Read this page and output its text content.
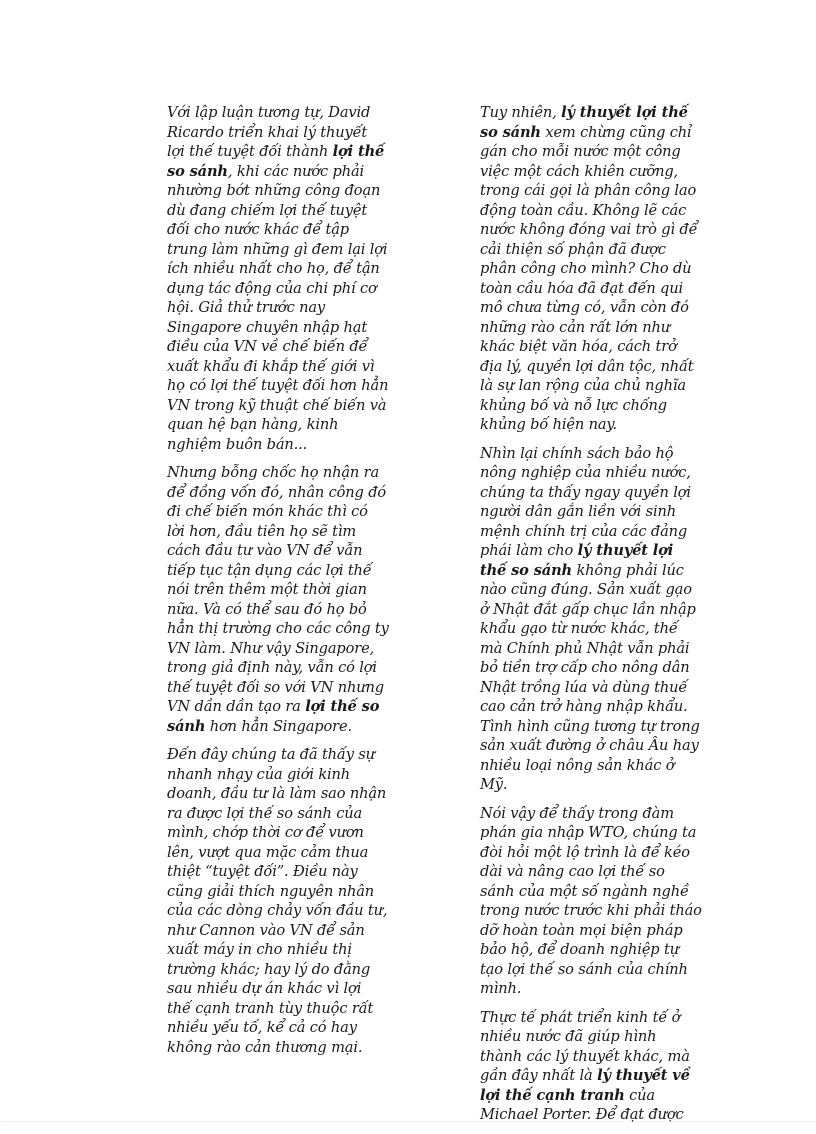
Với lập luận tương tự, David Ricardo triển khai lý thuyết lợi thế tuyệt đối thành lợi thế so sánh, khi các nước phải nhường bớt những công đoạn dù đang chiếm lợi thế tuyệt đối cho nước khác để tập trung làm những gì đem lại lợi ích nhiều nhất cho họ, để tận dụng tác động của chi phí cơ hội. Giả thử trước nay Singapore chuyên nhập hạt điều của VN về chế biến để xuất khẩu đi khắp thế giới vì họ có lợi thế tuyệt đối hơn hẳn VN trong kỹ thuật chế biến và quan hệ bạn hàng, kinh nghiệm buôn bán...

Nhưng bỗng chốc họ nhận ra để đồng vốn đó, nhân công đó đi chế biến món khác thì có lời hơn, đầu tiên họ sẽ tìm cách đầu tư vào VN để vẫn tiếp tục tận dụng các lợi thế nói trên thêm một thời gian nữa. Và có thể sau đó họ bỏ hẳn thị trường cho các công ty VN làm. Như vậy Singapore, trong giả định này, vẫn có lợi thế tuyệt đối so với VN nhưng VN dần dần tạo ra lợi thế so sánh hơn hẳn Singapore.

Đến đây chúng ta đã thấy sự nhanh nhạy của giới kinh doanh, đầu tư là làm sao nhận ra được lợi thế so sánh của mình, chớp thời cơ để vươn lên, vượt qua mặc cảm thua thiệt “tuyệt đối”. Điều này cũng giải thích nguyên nhân của các dòng chảy vốn đầu tư, như Cannon vào VN để sản xuất máy in cho nhiều thị trường khác; hay lý do đằng sau nhiều dự án khác vì lợi thế cạnh tranh tùy thuộc rất nhiều yếu tố, kể cả có hay không rào cản thương mại.

Tuy nhiên, lý thuyết lợi thế so sánh xem chừng cũng chỉ gán cho mỗi nước một công việc một cách khiên cưỡng, trong cái gọi là phân công lao động toàn cầu. Không lẽ các nước không đóng vai trò gì để cải thiện số phận đã được phân công cho mình? Cho dù toàn cầu hóa đã đạt đến qui mô chưa từng có, vẫn còn đó những rào cản rất lớn như khác biệt văn hóa, cách trở địa lý, quyền lợi dân tộc, nhất là sự lan rộng của chủ nghĩa khủng bố và nỗ lực chống khủng bố hiện nay.

Nhìn lại chính sách bảo hộ nông nghiệp của nhiều nước, chúng ta thấy ngay quyền lợi người dân gắn liền với sinh mệnh chính trị của các đảng phái làm cho lý thuyết lợi thế so sánh không phải lúc nào cũng đúng. Sản xuất gạo ở Nhật đắt gấp chục lần nhập khẩu gạo từ nước khác, thế mà Chính phủ Nhật vẫn phải bỏ tiền trợ cấp cho nông dân Nhật trồng lúa và dùng thuế cao cản trở hàng nhập khẩu. Tình hình cũng tương tự trong sản xuất đường ở châu Âu hay nhiều loại nông sản khác ở Mỹ.

Nói vậy để thấy trong đàm phán gia nhập WTO, chúng ta đòi hỏi một lộ trình là để kéo dài và nâng cao lợi thế so sánh của một số ngành nghề trong nước trước khi phải tháo dỡ hoàn toàn mọi biện pháp bảo hộ, để doanh nghiệp tự tạo lợi thế so sánh của chính mình.

Thực tế phát triển kinh tế ở nhiều nước đã giúp hình thành các lý thuyết khác, mà gần đây nhất là lý thuyết về lợi thế cạnh tranh của Michael Porter. Để đạt được
